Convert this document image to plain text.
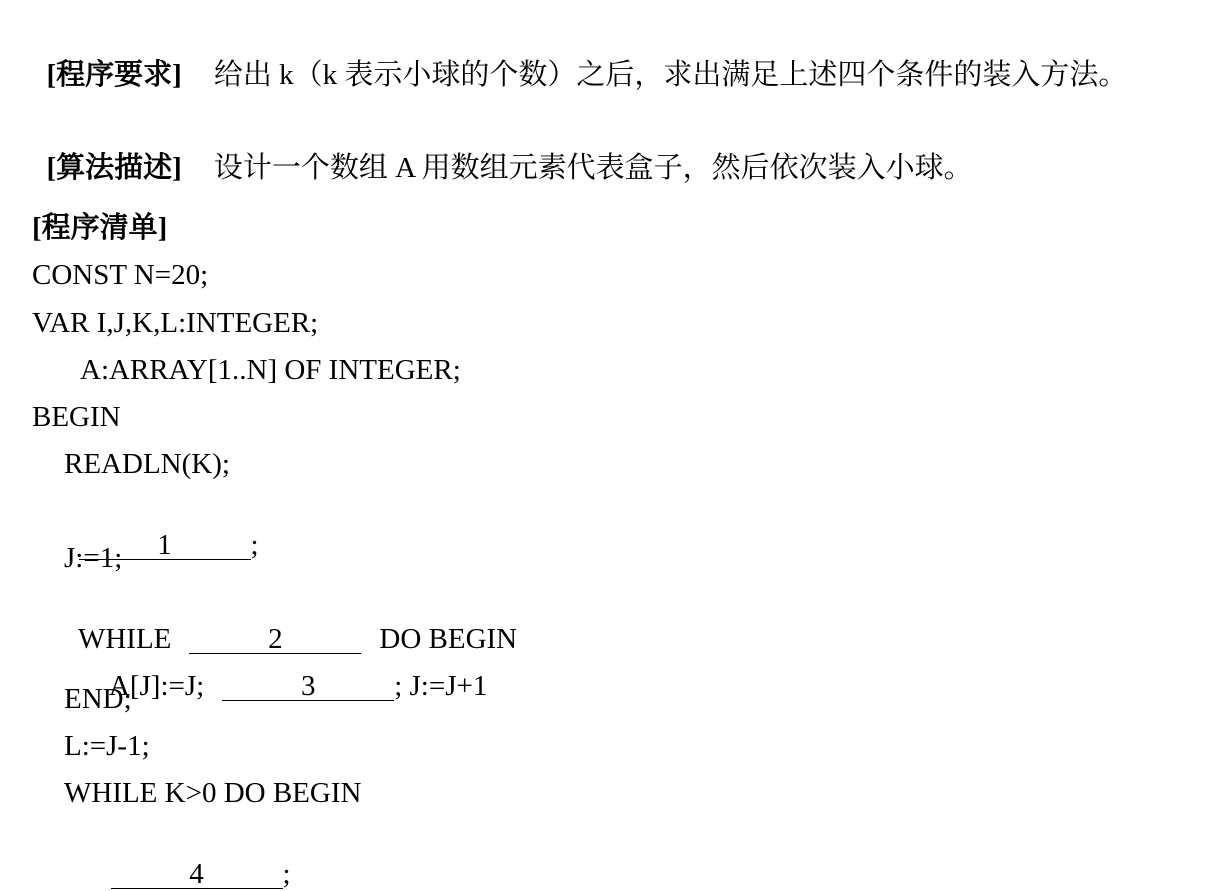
[程序要求] 给出 k（k 表示小球的个数）之后，求出满足上述四个条件的装入方法。

[算法描述] 设计一个数组 A 用数组元素代表盒子，然后依次装入小球。

[程序清单]
CONST N=20;
VAR I,J,K,L:INTEGER;
A:ARRAY[1..N] OF INTEGER;
BEGIN
READLN(K);

1	;

J:=1;

WHILE	2	DO BEGIN

A[J]:=J;	3	; J:=J+1

END;
L:=J-1;
WHILE K>0 DO BEGIN

4	;
